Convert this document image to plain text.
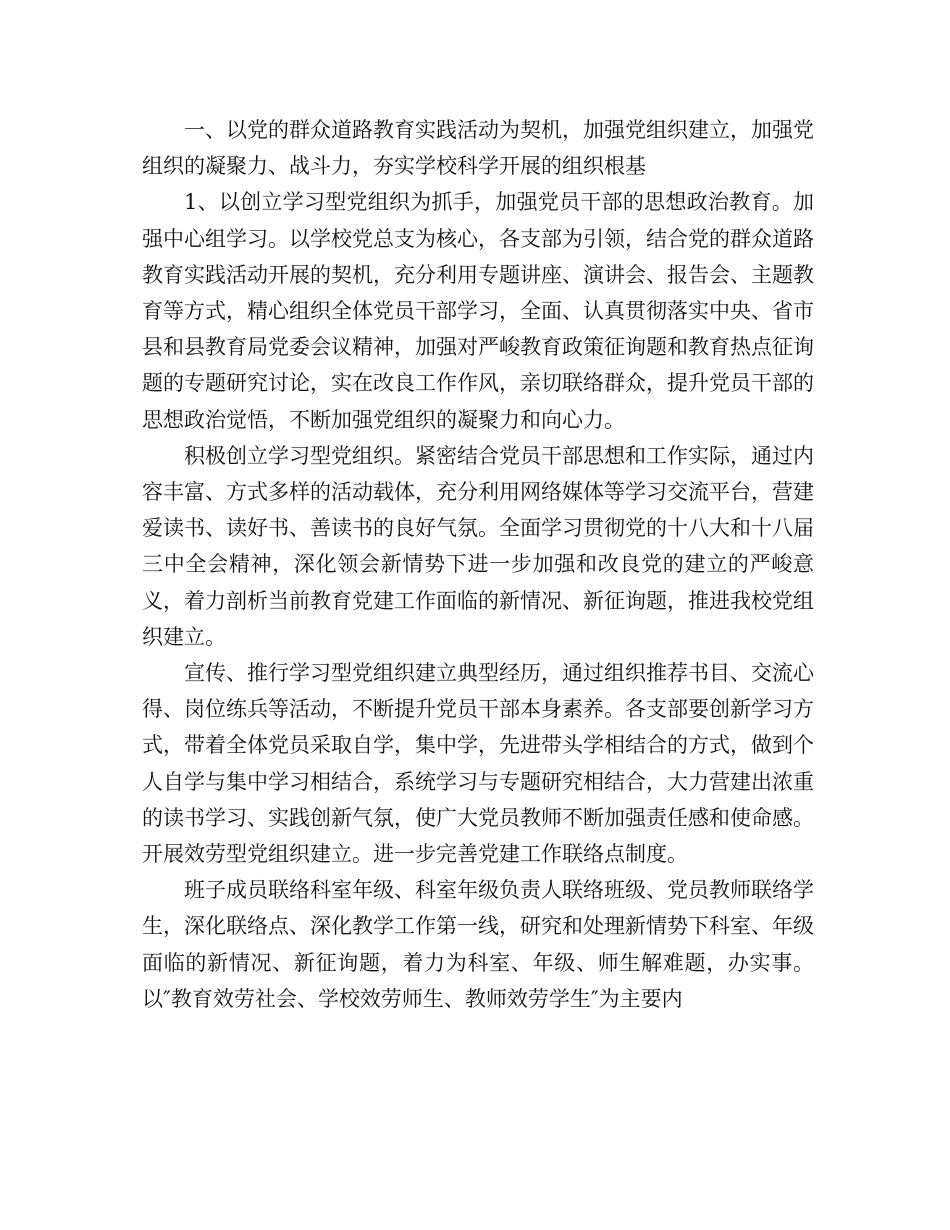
一、以党的群众道路教育实践活动为契机，加强党组织建立，加强党组织的凝聚力、战斗力，夯实学校科学开展的组织根基

1、以创立学习型党组织为抓手，加强党员干部的思想政治教育。加强中心组学习。以学校党总支为核心，各支部为引领，结合党的群众道路教育实践活动开展的契机，充分利用专题讲座、演讲会、报告会、主题教育等方式，精心组织全体党员干部学习，全面、认真贯彻落实中央、省市县和县教育局党委会议精神，加强对严峻教育政策征询题和教育热点征询题的专题研究讨论，实在改良工作作风，亲切联络群众，提升党员干部的思想政治觉悟，不断加强党组织的凝聚力和向心力。

积极创立学习型党组织。紧密结合党员干部思想和工作实际，通过内容丰富、方式多样的活动载体，充分利用网络媒体等学习交流平台，营建爱读书、读好书、善读书的良好气氛。全面学习贯彻党的十八大和十八届三中全会精神，深化领会新情势下进一步加强和改良党的建立的严峻意义，着力剖析当前教育党建工作面临的新情况、新征询题，推进我校党组织建立。

宣传、推行学习型党组织建立典型经历，通过组织推荐书目、交流心得、岗位练兵等活动，不断提升党员干部本身素养。各支部要创新学习方式，带着全体党员采取自学，集中学，先进带头学相结合的方式，做到个人自学与集中学习相结合，系统学习与专题研究相结合，大力营建出浓重的读书学习、实践创新气氛，使广大党员教师不断加强责任感和使命感。开展效劳型党组织建立。进一步完善党建工作联络点制度。

班子成员联络科室年级、科室年级负责人联络班级、党员教师联络学生，深化联络点、深化教学工作第一线，研究和处理新情势下科室、年级面临的新情况、新征询题，着力为科室、年级、师生解难题，办实事。以″教育效劳社会、学校效劳师生、教师效劳学生″为主要内
